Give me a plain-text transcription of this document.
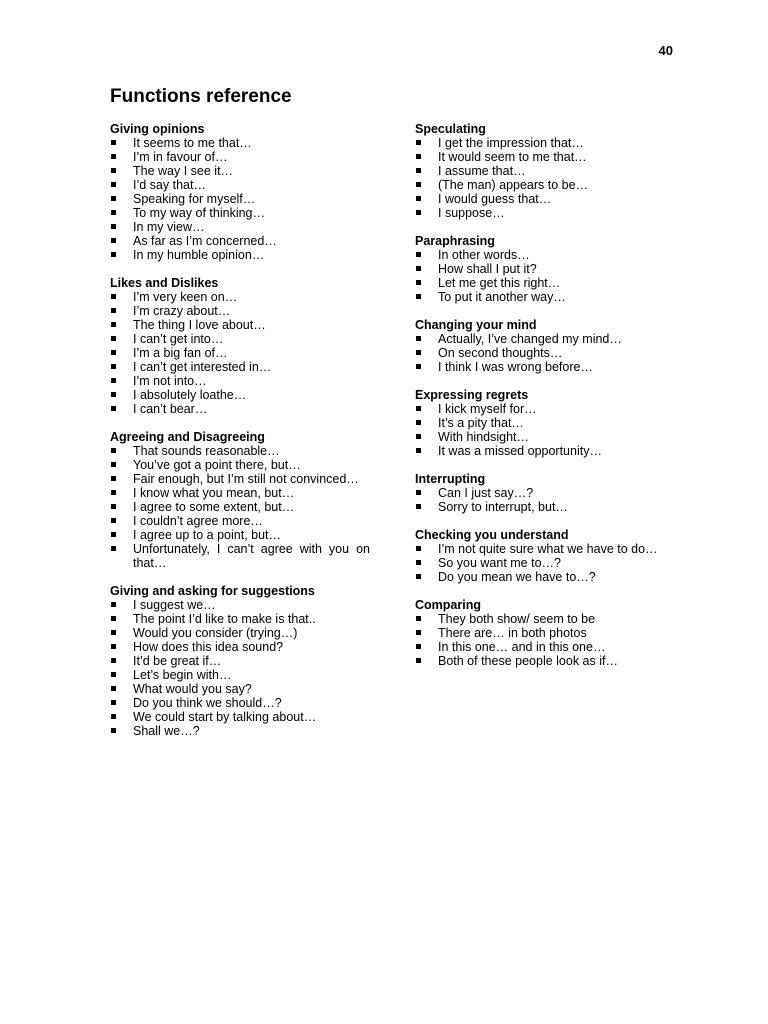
40
Functions reference
Giving opinions
It seems to me that…
I’m in favour of…
The way I see it…
I’d say that…
Speaking for myself…
To my way of thinking…
In my view…
As far as I’m concerned…
In my humble opinion…
Likes and Dislikes
I’m very keen on…
I’m crazy about…
The thing I love about…
I can’t get into…
I’m a big fan of…
I can’t get interested in…
I’m not into…
I absolutely loathe…
I can’t bear…
Agreeing and Disagreeing
That sounds reasonable…
You’ve got a point there, but…
Fair enough, but I’m still not convinced…
I know what you mean, but…
I agree to some extent, but…
I couldn’t agree more…
I agree up to a point, but…
Unfortunately, I can’t agree with you on that…
Giving and asking for suggestions
I suggest we…
The point I’d like to make is that..
Would you consider (trying…)
How does this idea sound?
It’d be great if…
Let’s begin with…
What would you say?
Do you think we should…?
We could start by talking about…
Shall we…?
Speculating
I get the impression that…
It would seem to me that…
I assume that…
(The man) appears to be…
I would guess that…
I suppose…
Paraphrasing
In other words…
How shall I put it?
Let me get this right…
To put it another way…
Changing your mind
Actually, I’ve changed my mind…
On second thoughts…
I think I was wrong before…
Expressing regrets
I kick myself for…
It’s a pity that…
With hindsight…
It was a missed opportunity…
Interrupting
Can I just say…?
Sorry to interrupt, but…
Checking you understand
I’m not quite sure what we have to do…
So you want me to…?
Do you mean we have to…?
Comparing
They both show/ seem to be
There are… in both photos
In this one… and in this one…
Both of these people look as if…
